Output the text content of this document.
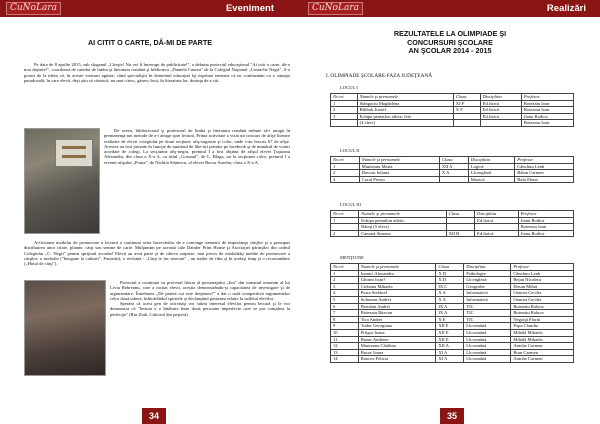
CuNoLara	Eveniment
AI CITIT O CARTE, DĂ-MI DE PARTE

Pe data de 8 aprilie 2015, sub sloganul „Citeşte! Nu vei fi întrerupt de publicitate!", a debutat proiectul educaţional "Ai citit o carte, dă-o mai departe!", coordonat de catedra de limba şi literatura română şi biblioteca „Daniela Caurea" de la Colegiul Naţional „Costache Negri". S-a pornit de la ideea că, în aceste vremuri agitate, când specialiştii în domeniul educaţiei îşi exprimă temerea că ne confruntăm cu o situaţie paradoxală, în care elevii, deşi ştiu să citească, nu mai citesc, găsesc încă, în literatura lor, dorinţa de a citi.

De aceea, bibliotecarul şi profesorul de limba şi literatura română trebuie să-i atragă în permanenţă noi metode de a-i atrage spre lectură. Prima activitate a vizat un concurs de afişe literare realizate de elevii colegiului pe două secţiuni: afiş-sugestie şi color, unde s-au înscris 67 de afişe. Acestea au fost jurizate în funcţie de numărul de like-uri primite pe facebook şi de numărul de voturi acordate de colegi. La secţiunea afiş-negru, premiul I a fost obţinut de afişul elevei Ţuţuianu Alexandra, din clasa a X-a A, cu titlul „Gorunul", de L. Blaga, iar la secţiunea color, premiul I a revenit afişului „Piatra", de Nichita Stănescu, al elevei Bucur Aurelia, clasa a X-a A.

Activitatea modului de promovare a lecturii a continuat seria încercărilor de a convinge oamenii de importanţa cărţilor şi a presupus distribuirea unor citate, pliante, cărţi sau semne de carte. Mulţumim pe această cale Dainler Print House şi Asociaţiei părinţilor din cadrul Colegiului „C. Negri" pentru sprijinul acordat! Elevii au avut parte şi de câteva surprize, mai precis de modalităţi inedite de promovare a cărţilor: o melodie ("Insigane la culturii", Parazitii), o reclamă - „Cărţi te fac neoroni" , un trailer de film şi în acelaşi timp şi o recomandare („Hotul de cărţi").

Proiectul a continuat cu procesul literar al personajului „Ion" din romanul omonim al lui Liviu Rebreanu, care a incitat elevii, aceştia demonstrându-şi capacitatea de investigare şi de argumentare. Întrebarea „De partea cui este dreptatea?" a dat o notă competitivă argumentelor celor două tabere, înfăcărândul spiritele şi declanşând pasiunea relativ la sufletul elevilor.

Sperăm că acest gen de activităţi vor stârni interesul elevilor pentru lectură şi le vor demonstra că "lectura e o întâlnire între două persoane imperfecte care se pot completa la perfecţie" (Rui Zink, Cititorul din peşteră).

34
CuNoLara	Realizări
REZULTATELE LA OLIMPIADE ŞI
CONCURSURI ŞCOLARE
AN ŞCOLAR 2014 - 2015
I. OLIMPIADE ŞCOLARE-FAZA JUDEŢEANĂ
LOCUL I
Nr.crt	Numele şi prenumele	Clasa	Disciplina	Profesor
1	Stângaciu Magdalena	XI F	Ed.fizică	Botezatu Ioan
2	Bilibok Jozsef	X F	Ed.fizică	Botezatu Ioan
3	Echipa pentatlon atletic fete		Ed.fizică	Jianu Rodica
	(4 elevi)			Botezatu Ioan
LOCUL II
Nr.crt	Numele şi prenumele	Clasa	Disciplina	Profesor
1	Munteanu Maria	XII A	Logică	Cânchuu Lenb
2	Dascon Iuliana	X A	Lb.engleză	Bălan Carmen
3	Corul Presto		Muzică	Bafa Elena
LOCUL III
Nr.crt	Numele şi prenumele	Clasa	Disciplina	Profesor
1	Echipa pentatlon atletic		Ed.fizică	Jianu Rodica
	Băieţi (5 elevi)			Botezatu Ioan
2	Camară Simona	XII B	Ed.fizică	Jianu Rodica
MENŢIUNE
Nr.crt	Numele şi prenumele	Clasa	Disciplina	Profesor
1	Ioanici Alexandru	X D	Psihologie	Cânchuu Lenb
2	Ghinea Ioan?	X D	Lb.engleză	Bejan Nicoleta
3	Ciobanu Mihaela	IX C	Geografie	Dosan Mihai
4	Pusta Stefănel	X A	Informatică	Oancea Cecilia
5	Solomon Andrei	X A	Informatică	Oancea Cecilia
6	Bertalan Andrei	IX A	TIC	Botezatu Raluca
7	Botezatu Răzvan	IX A	TIC	Botezatu Raluca
8	Tica Andrei	X E	TIC	Negoiţă Florin
9	Tudor Georgiana	XII F	Lb.română	Popa Claudia
10	Pifigoi Ioana	XII E	Lb.română	Mihălă Mihaela
11	Buzur Andreea	XII E	Lb.română	Mihălă Mihaela
12	Munteanu Cătălina	XII A	Lb.română	Antohe Carmen
13	Bucur Ioana	XI A	Lb.română	Bran Carmen
14	Roncea Felicia	XI A	Lb.română	Antohe Carmen
35
